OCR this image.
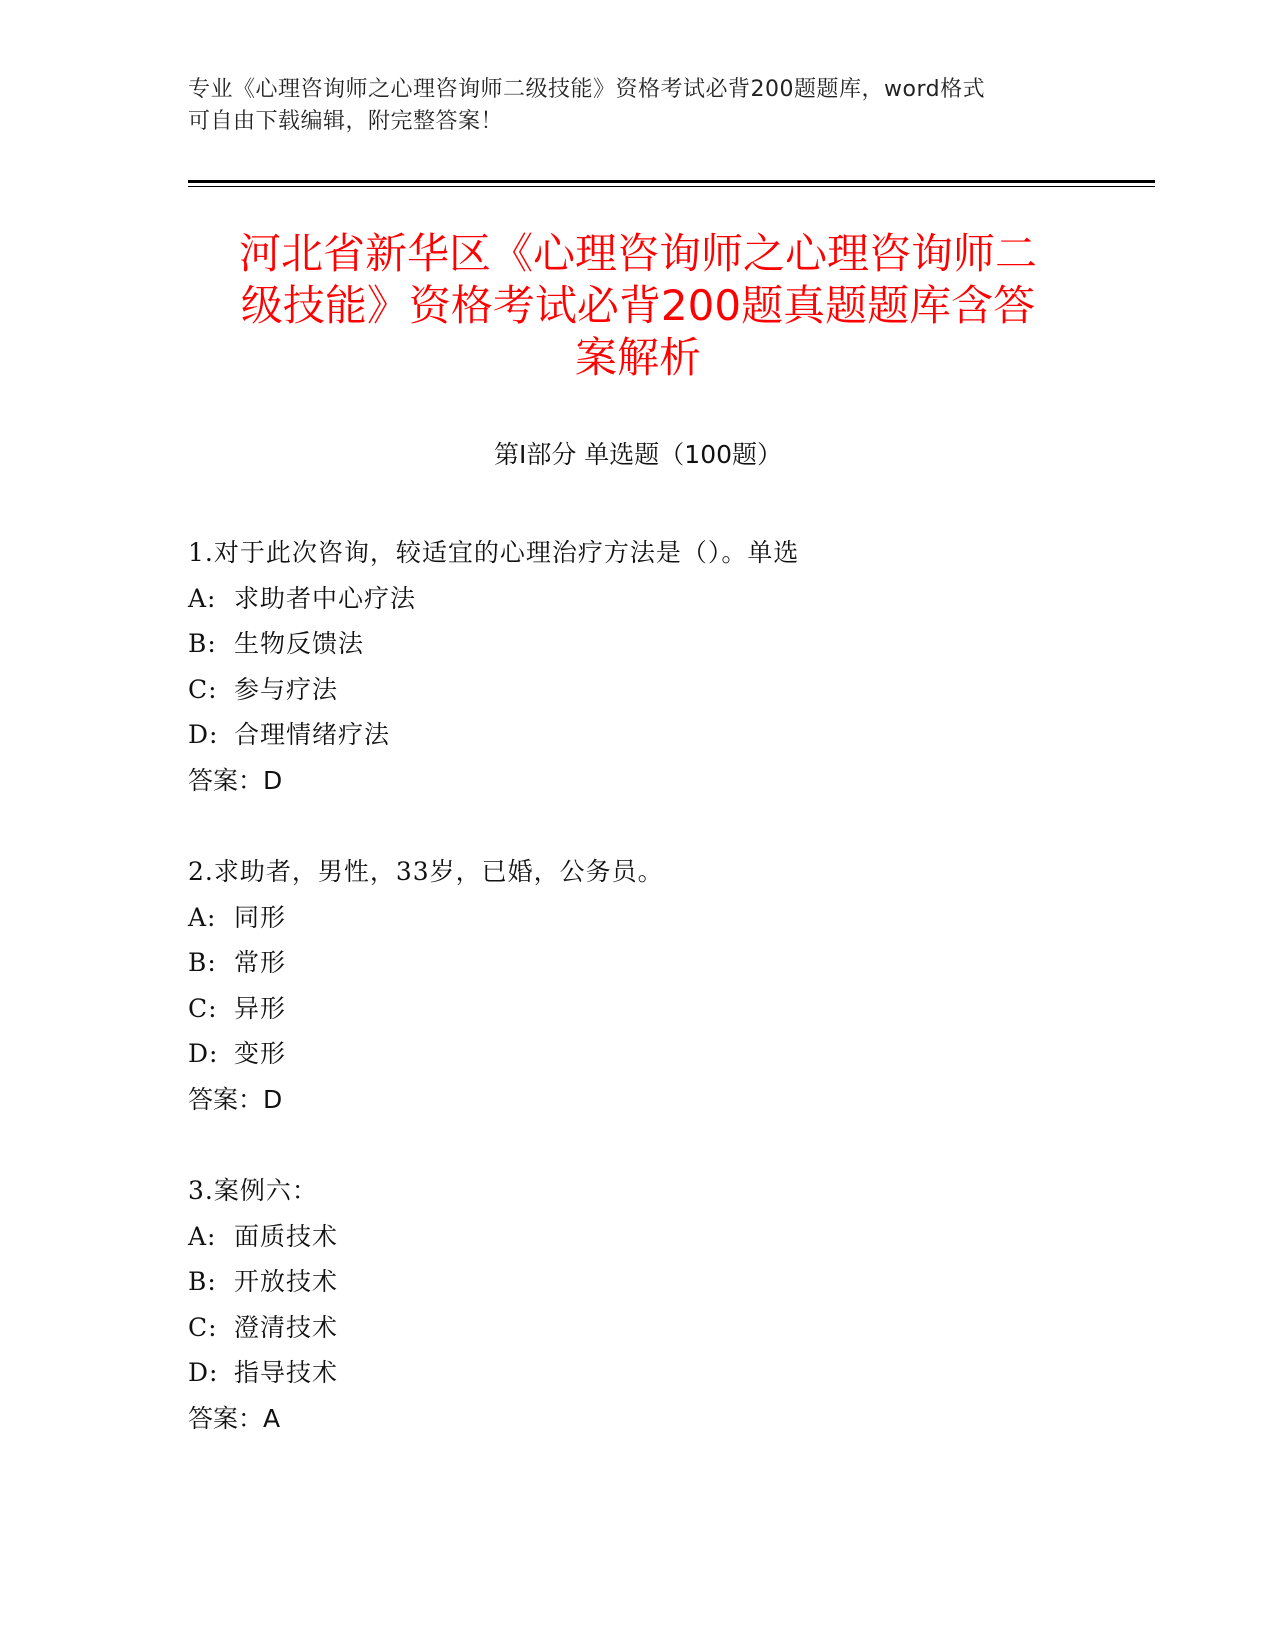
专业《心理咨询师之心理咨询师二级技能》资格考试必背200题题库，word格式
可自由下载编辑，附完整答案！
河北省新华区《心理咨询师之心理咨询师二
级技能》资格考试必背200题真题题库含答
案解析
第Ⅰ部分 单选题（100题）
1.对于此次咨询，较适宜的心理治疗方法是（）。单选
A: 求助者中心疗法
B: 生物反馈法
C: 参与疗法
D: 合理情绪疗法
答案：D
2.求助者，男性，33岁，已婚，公务员。
A: 同形
B: 常形
C: 异形
D: 变形
答案：D
3.案例六：
A: 面质技术
B: 开放技术
C: 澄清技术
D: 指导技术
答案：A
